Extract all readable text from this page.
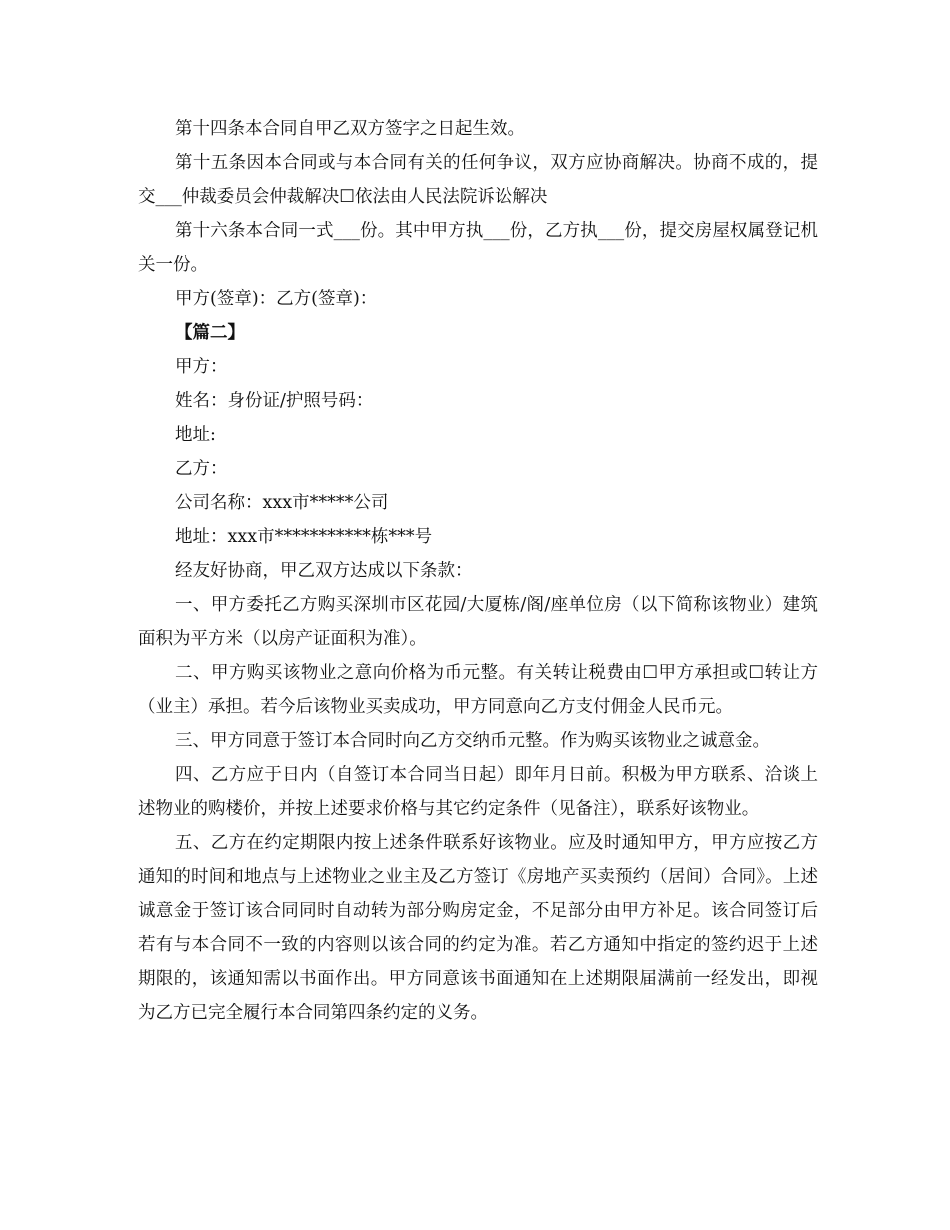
第十四条本合同自甲乙双方签字之日起生效。

第十五条因本合同或与本合同有关的任何争议，双方应协商解决。协商不成的，提交___仲裁委员会仲裁解决☐依法由人民法院诉讼解决

第十六条本合同一式___份。其中甲方执___份，乙方执___份，提交房屋权属登记机关一份。

甲方(签章)：乙方(签章)：

【篇二】

甲方：

姓名：身份证/护照号码：

地址:

乙方：

公司名称：xxx市*****公司

地址：xxx市***********栋***号

经友好协商，甲乙双方达成以下条款：

一、甲方委托乙方购买深圳市区花园/大厦栋/阁/座单位房（以下简称该物业）建筑面积为平方米（以房产证面积为准）。

二、甲方购买该物业之意向价格为币元整。有关转让税费由☐甲方承担或☐转让方（业主）承担。若今后该物业买卖成功，甲方同意向乙方支付佣金人民币元。

三、甲方同意于签订本合同时向乙方交纳币元整。作为购买该物业之诚意金。

四、乙方应于日内（自签订本合同当日起）即年月日前。积极为甲方联系、洽谈上述物业的购楼价，并按上述要求价格与其它约定条件（见备注），联系好该物业。

五、乙方在约定期限内按上述条件联系好该物业。应及时通知甲方，甲方应按乙方通知的时间和地点与上述物业之业主及乙方签订《房地产买卖预约（居间）合同》。上述诚意金于签订该合同同时自动转为部分购房定金，不足部分由甲方补足。该合同签订后若有与本合同不一致的内容则以该合同的约定为准。若乙方通知中指定的签约迟于上述期限的，该通知需以书面作出。甲方同意该书面通知在上述期限届满前一经发出，即视为乙方已完全履行本合同第四条约定的义务。
